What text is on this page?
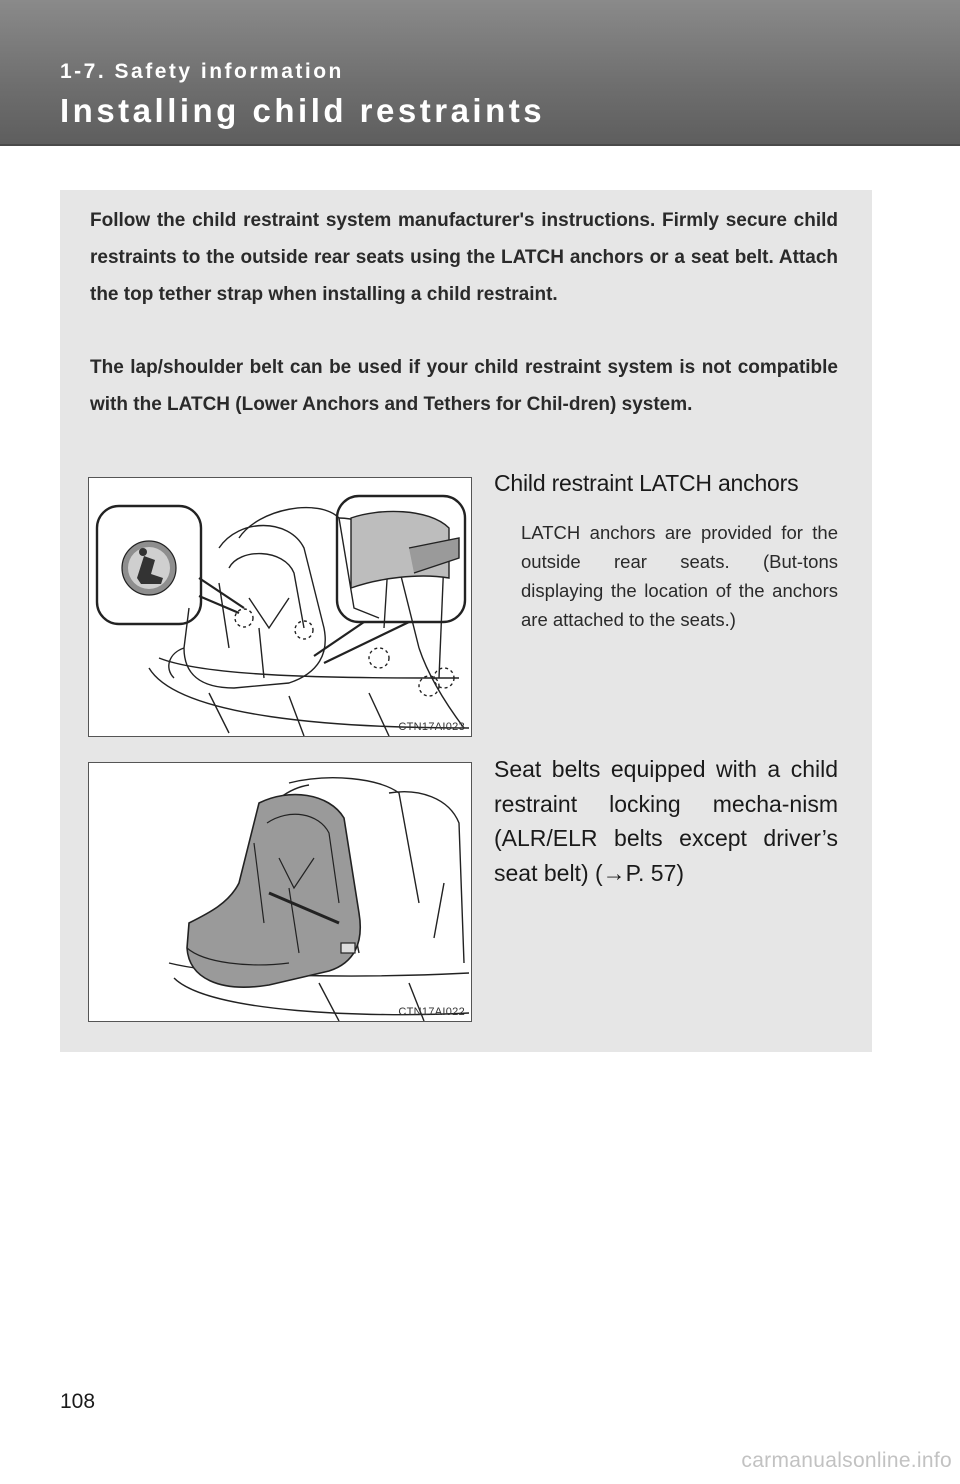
1-7. Safety information
Installing child restraints

Follow the child restraint system manufacturer's instructions. Firmly secure child restraints to the outside rear seats using the LATCH anchors or a seat belt. Attach the top tether strap when installing a child restraint.

The lap/shoulder belt can be used if your child restraint system is not compatible with the LATCH (Lower Anchors and Tethers for Chil-dren) system.

CTN17AI023
Child restraint LATCH anchors

LATCH anchors are provided for the outside rear seats. (But-tons displaying the location of the anchors are attached to the seats.)

CTN17AI022

Seat belts equipped with a child restraint locking mecha-nism (ALR/ELR belts except driver’s seat belt) (→P. 57)

108
carmanualsonline.info
